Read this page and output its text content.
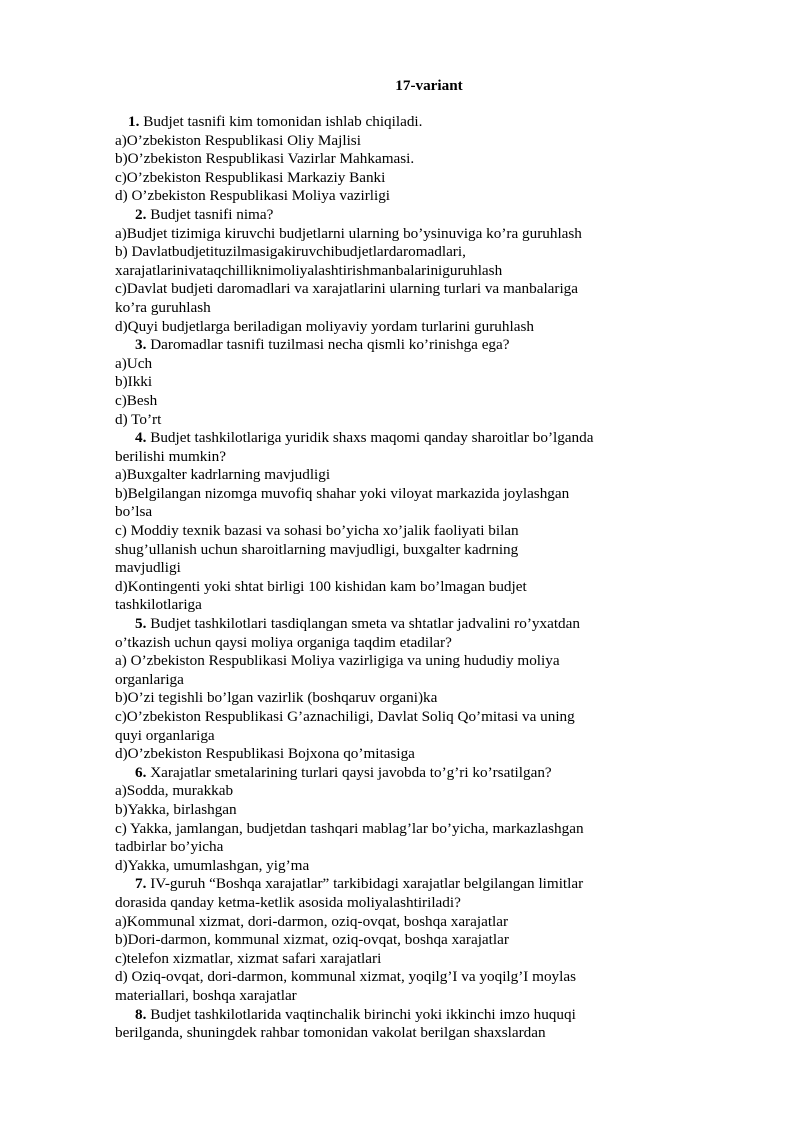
17-variant
1. Budjet tasnifi kim tomonidan ishlab chiqiladi.
a)O’zbekiston Respublikasi Oliy Majlisi
b)O’zbekiston Respublikasi Vazirlar Mahkamasi.
c)O’zbekiston Respublikasi Markaziy Banki
d) O’zbekiston Respublikasi Moliya vazirligi
2. Budjet tasnifi nima?
a)Budjet tizimiga kiruvchi budjetlarni ularning bo’ysinuviga ko’ra guruhlash
b) Davlatbudjetituzilmasigakiruvchibudjetlardaromadlari,
xarajatlarinivataqchilliknimoliyalashtirishmanbalariniguruhlash
c)Davlat budjeti daromadlari va xarajatlarini ularning turlari va manbalariga
ko’ra guruhlash
d)Quyi budjetlarga beriladigan moliyaviy yordam turlarini guruhlash
3. Daromadlar tasnifi tuzilmasi necha qismli ko’rinishga ega?
a)Uch
b)Ikki
c)Besh
d) To’rt
4. Budjet tashkilotlariga yuridik shaxs maqomi qanday sharoitlar bo’lganda
berilishi mumkin?
a)Buxgalter kadrlarning mavjudligi
b)Belgilangan nizomga muvofiq shahar yoki viloyat markazida joylashgan
bo’lsa
c) Moddiy texnik bazasi va sohasi bo’yicha xo’jalik faoliyati bilan
shug’ullanish uchun sharoitlarning mavjudligi, buxgalter kadrning
mavjudligi
d)Kontingenti yoki shtat birligi 100 kishidan kam bo’lmagan budjet
tashkilotlariga
5. Budjet tashkilotlari tasdiqlangan smeta va shtatlar jadvalini ro’yxatdan
o’tkazish uchun qaysi moliya organiga taqdim etadilar?
a) O’zbekiston Respublikasi Moliya vazirligiga va uning hududiy moliya
organlariga
b)O’zi tegishli bo’lgan vazirlik (boshqaruv organi)ka
c)O’zbekiston Respublikasi G’aznachiligi, Davlat Soliq Qo’mitasi va uning
quyi organlariga
d)O’zbekiston Respublikasi Bojxona qo’mitasiga
6. Xarajatlar smetalarining turlari qaysi javobda to’g’ri ko’rsatilgan?
a)Sodda, murakkab
b)Yakka, birlashgan
c) Yakka, jamlangan, budjetdan tashqari mablag’lar bo’yicha, markazlashgan
tadbirlar bo’yicha
d)Yakka, umumlashgan, yig’ma
7. IV-guruh “Boshqa xarajatlar” tarkibidagi xarajatlar belgilangan limitlar
dorasida qanday ketma-ketlik asosida moliyalashtiriladi?
a)Kommunal xizmat, dori-darmon, oziq-ovqat, boshqa xarajatlar
b)Dori-darmon, kommunal xizmat, oziq-ovqat, boshqa xarajatlar
c)telefon xizmatlar, xizmat safari xarajatlari
d) Oziq-ovqat, dori-darmon, kommunal xizmat, yoqilg’I va yoqilg’I moylas
materiallari, boshqa xarajatlar
8. Budjet tashkilotlarida vaqtinchalik birinchi yoki ikkinchi imzo huquqi
berilganda, shuningdek rahbar tomonidan vakolat berilgan shaxslardan
